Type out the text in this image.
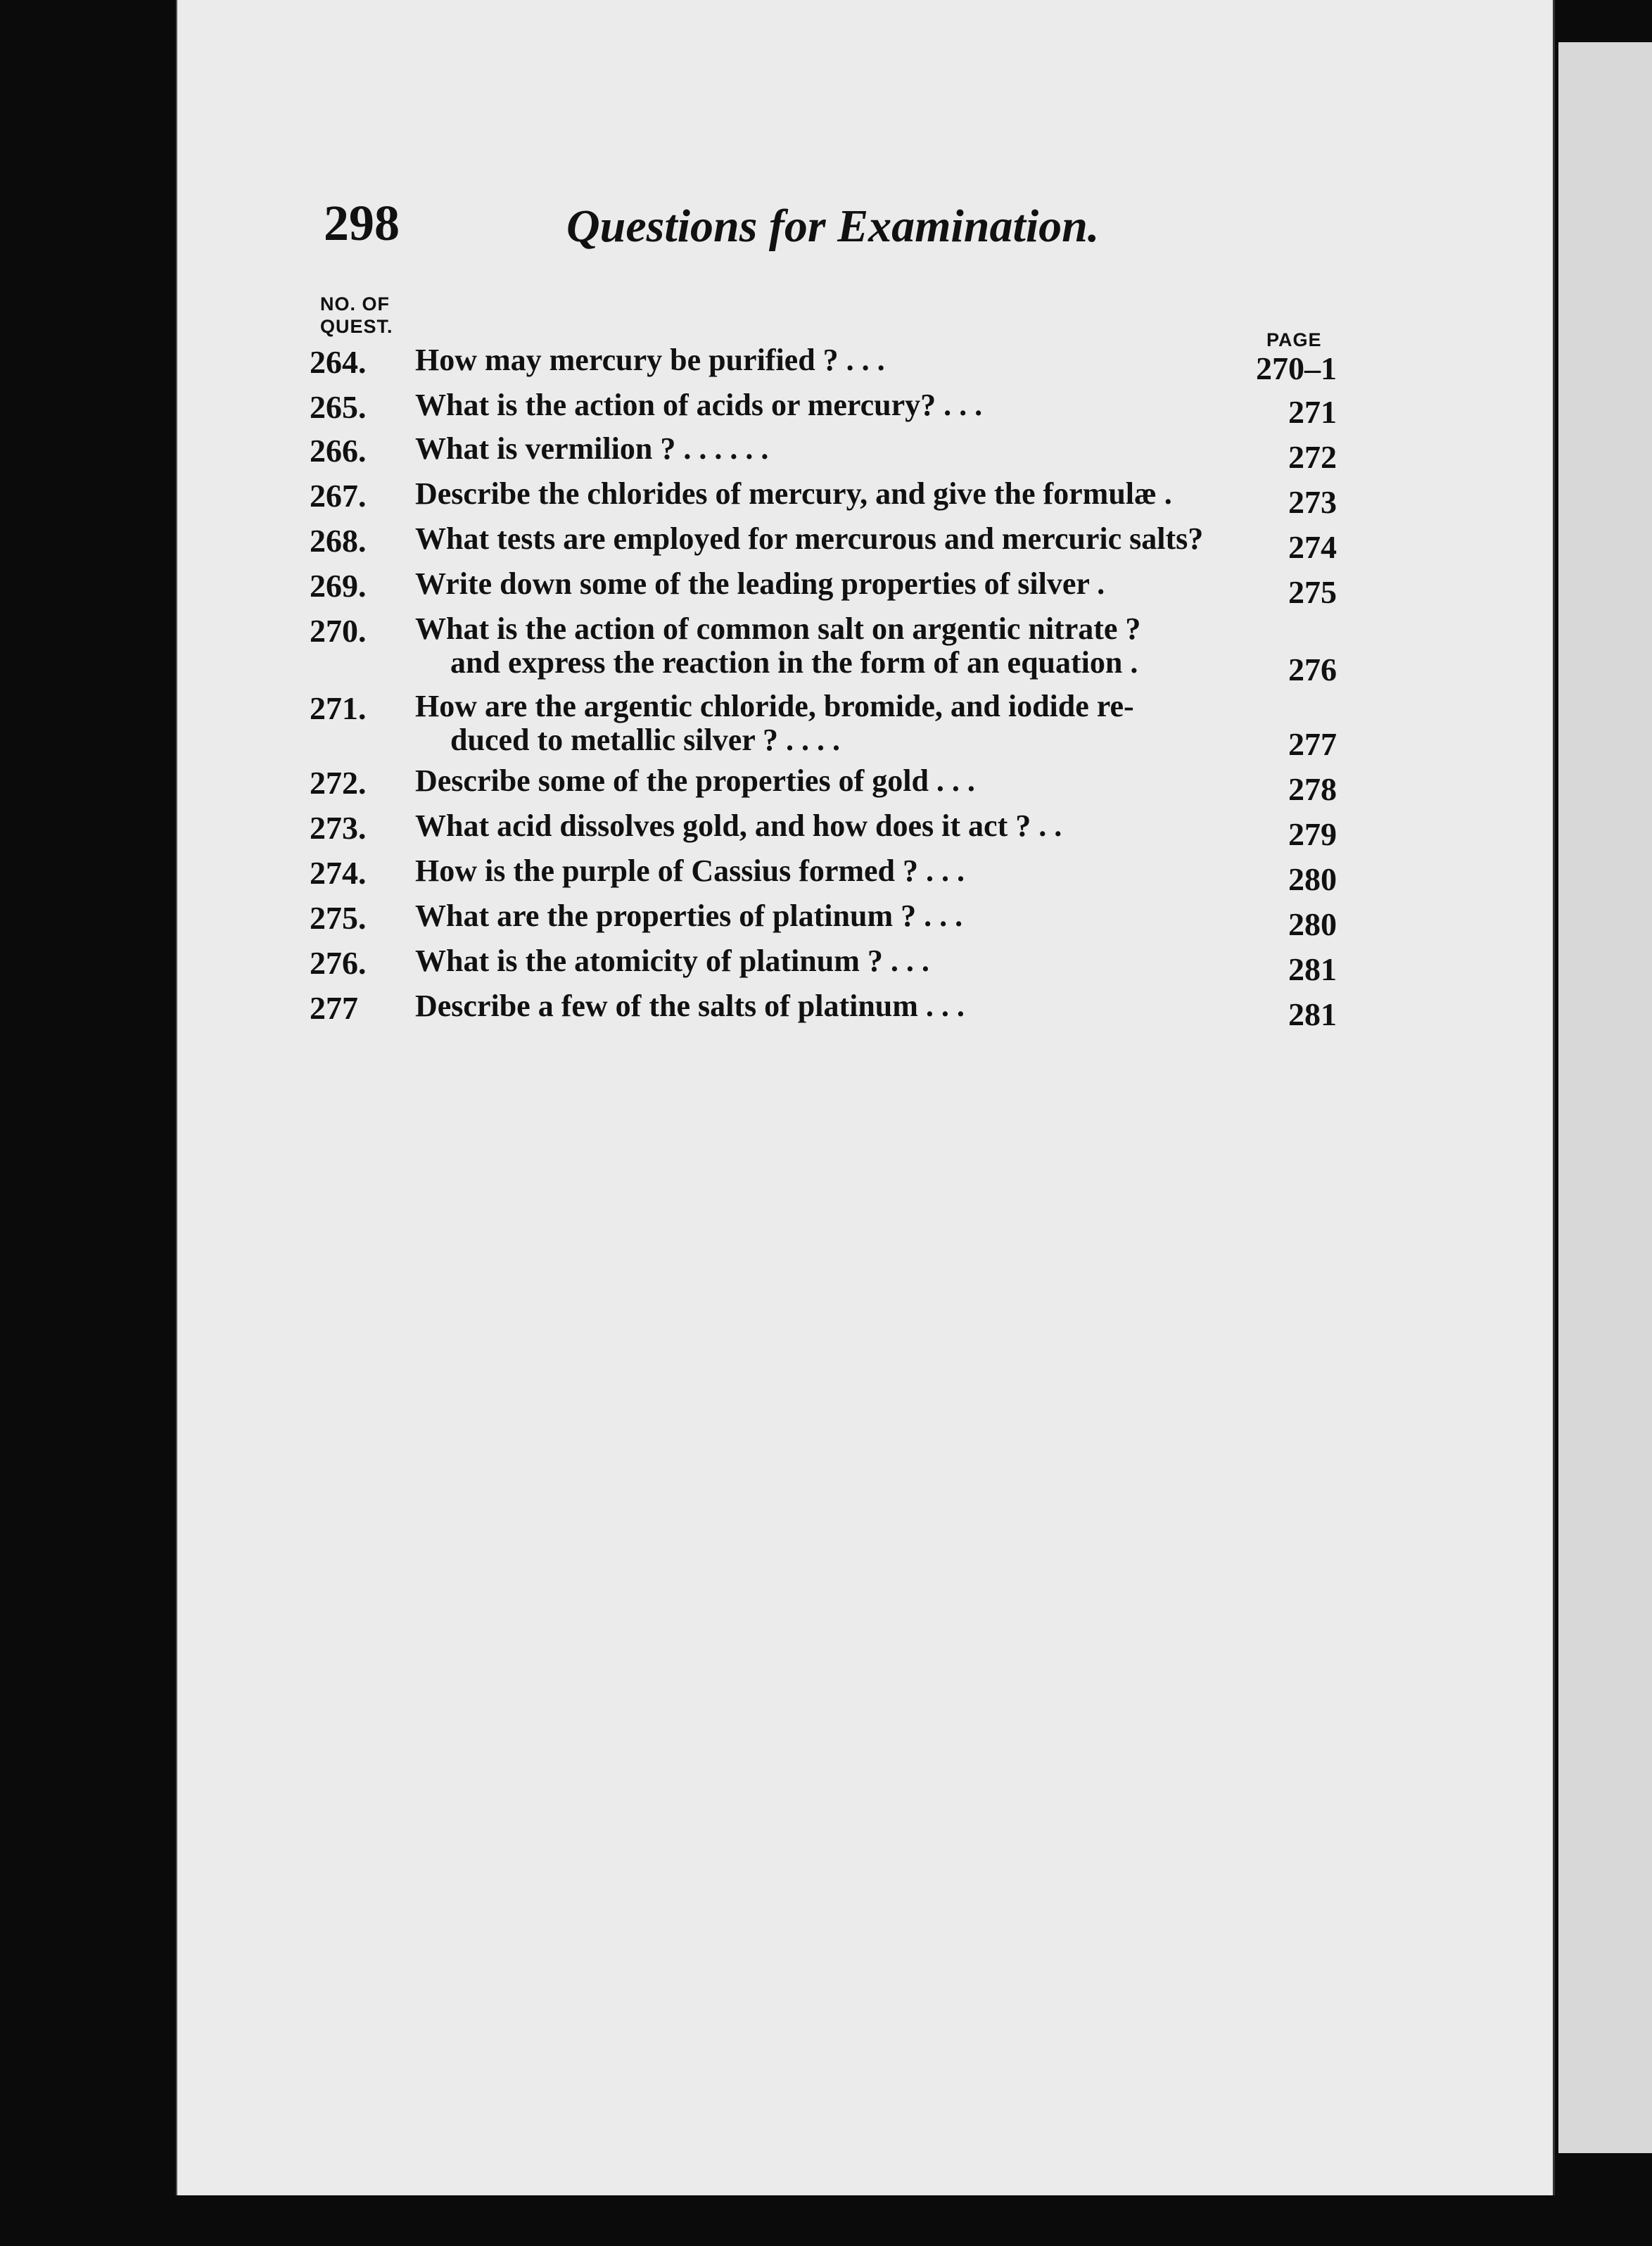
298	Questions for Examination.
NO. OF
QUEST.
PAGE
264.	How may mercury be purified ? . . .	270–1
265.	What is the action of acids or mercury? . . .	271
266.	What is vermilion ? . . . . . .	272
267.	Describe the chlorides of mercury, and give the formulæ .	273
268.	What tests are employed for mercurous and mercuric salts?	274
269.	Write down some of the leading properties of silver .	275
270.	What is the action of common salt on argentic nitrate ?
and express the reaction in the form of an equation .	276
271.	How are the argentic chloride, bromide, and iodide re-
duced to metallic silver ? . . . .	277
272.	Describe some of the properties of gold . . .	278
273.	What acid dissolves gold, and how does it act ? . .	279
274.	How is the purple of Cassius formed ? . . .	280
275.	What are the properties of platinum ? . . .	280
276.	What is the atomicity of platinum ? . . .	281
277	Describe a few of the salts of platinum . . .	281
